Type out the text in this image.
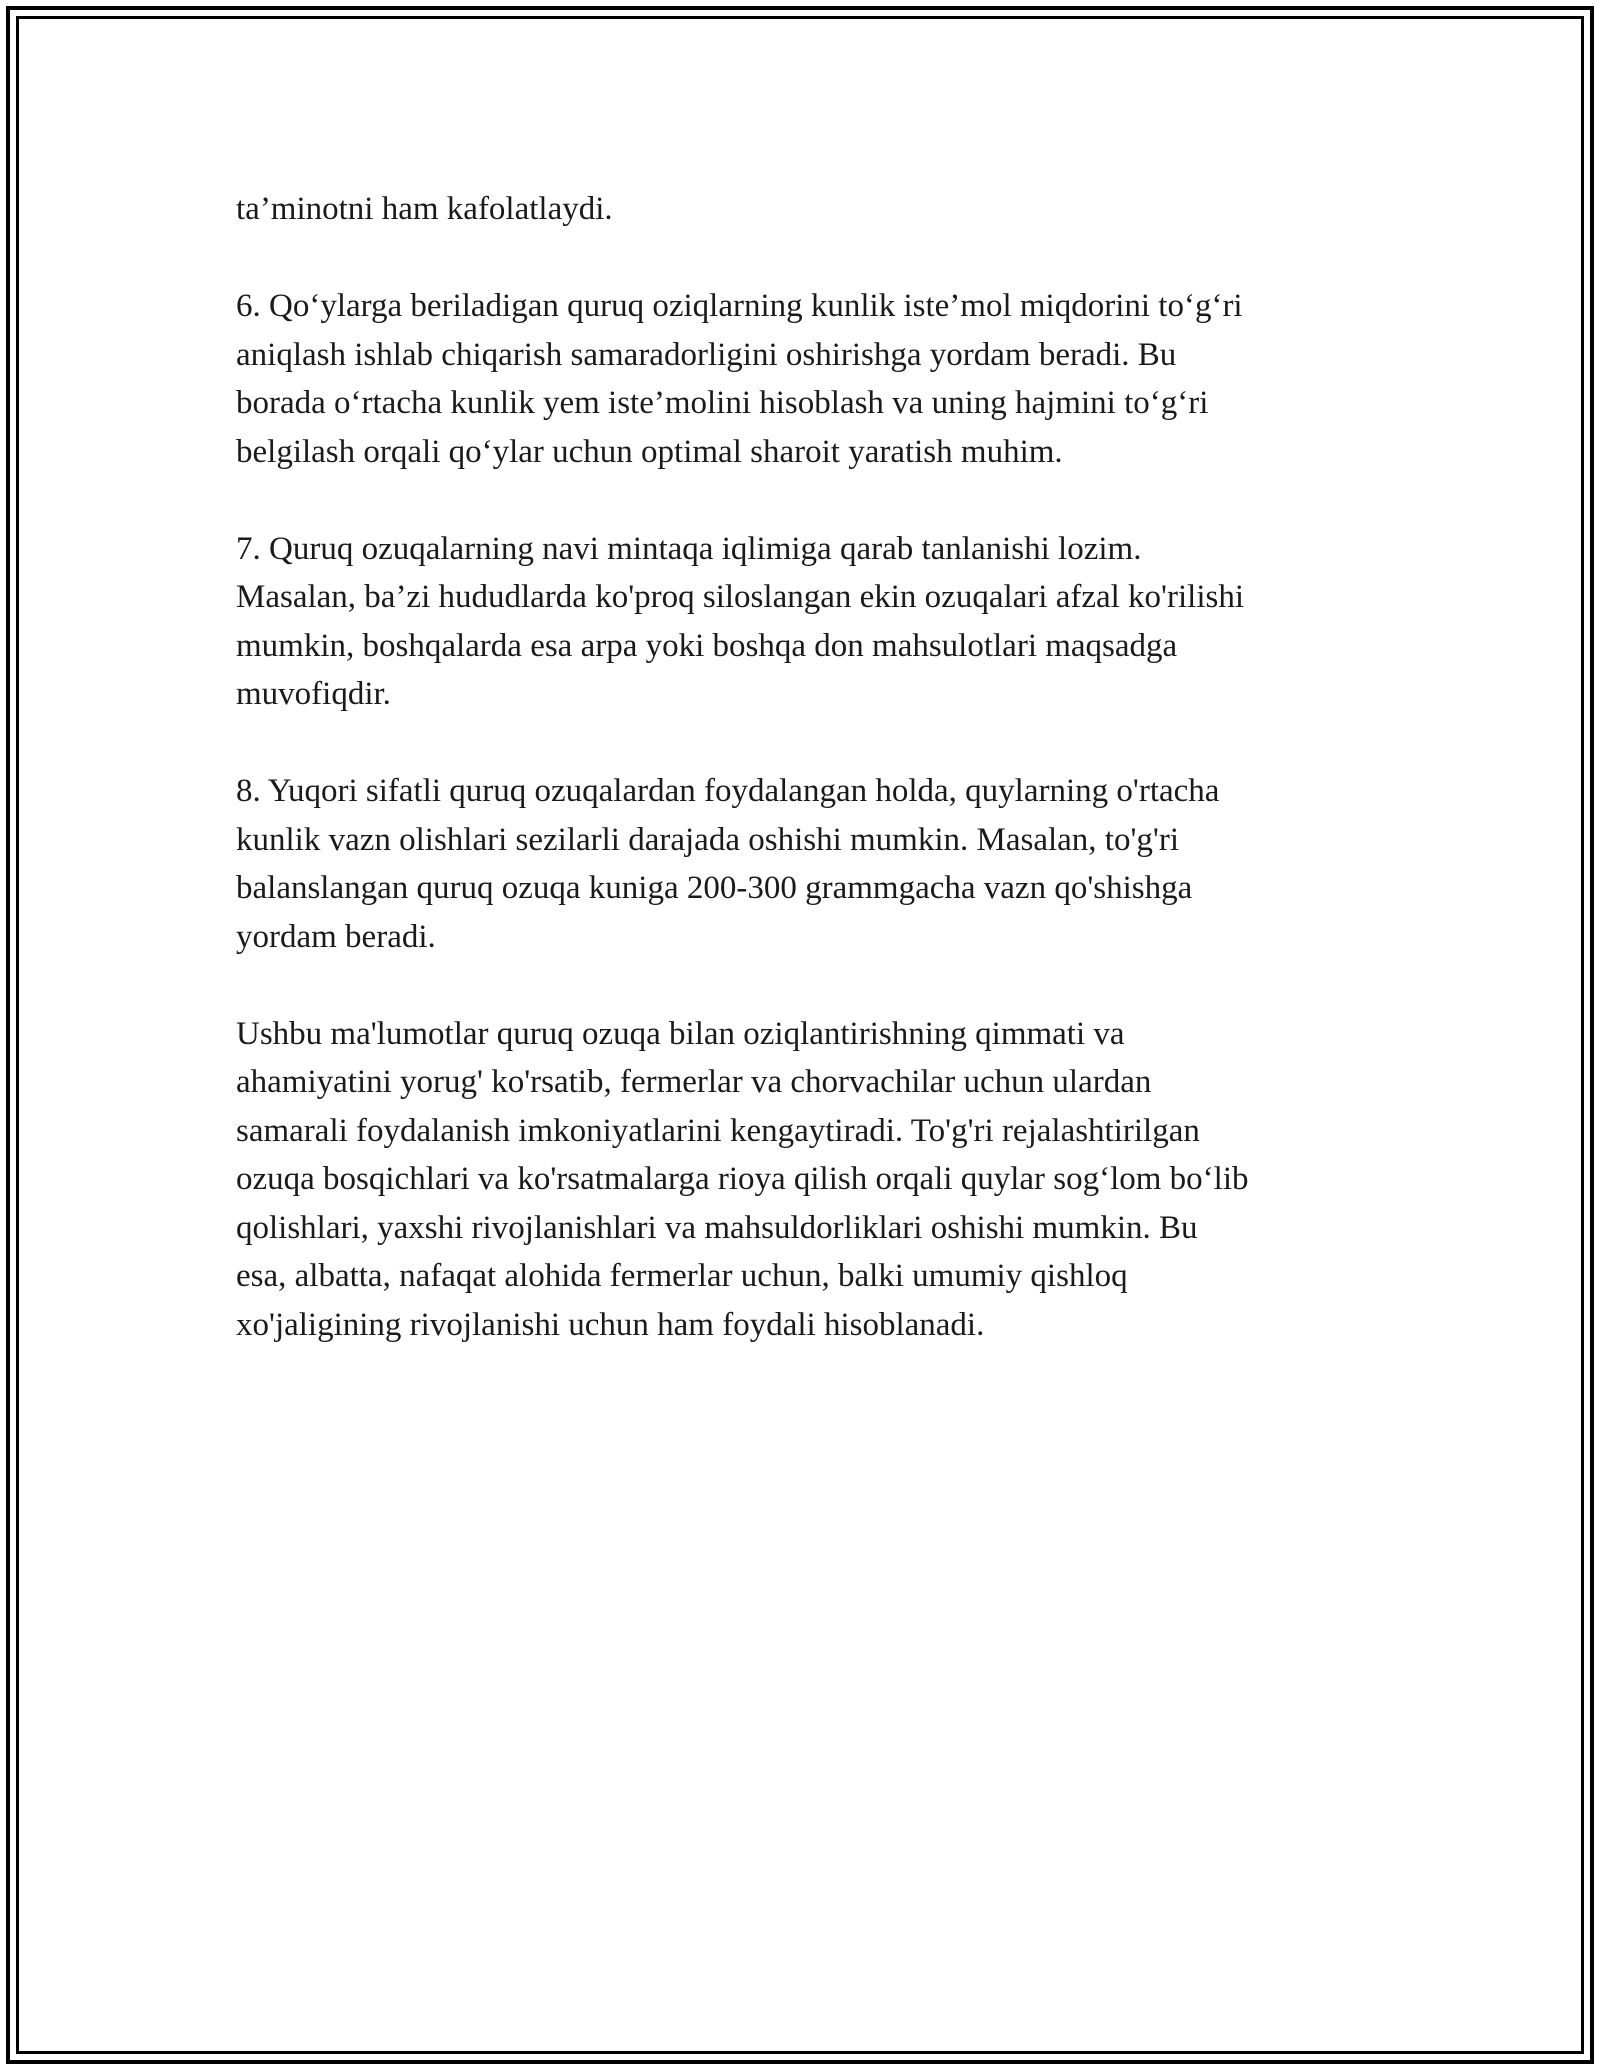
ta’minotni ham kafolatlaydi.

6. Qo‘ylarga beriladigan quruq oziqlarning kunlik iste’mol miqdorini to‘g‘ri
aniqlash ishlab chiqarish samaradorligini oshirishga yordam beradi. Bu
borada o‘rtacha kunlik yem iste’molini hisoblash va uning hajmini to‘g‘ri
belgilash orqali qo‘ylar uchun optimal sharoit yaratish muhim.

7. Quruq ozuqalarning navi mintaqa iqlimiga qarab tanlanishi lozim.
Masalan, ba’zi hududlarda ko'proq siloslangan ekin ozuqalari afzal ko'rilishi
mumkin, boshqalarda esa arpa yoki boshqa don mahsulotlari maqsadga
muvofiqdir.

8. Yuqori sifatli quruq ozuqalardan foydalangan holda, quylarning o'rtacha
kunlik vazn olishlari sezilarli darajada oshishi mumkin. Masalan, to'g'ri
balanslangan quruq ozuqa kuniga 200-300 grammgacha vazn qo'shishga
yordam beradi.

Ushbu ma'lumotlar quruq ozuqa bilan oziqlantirishning qimmati va
ahamiyatini yorug' ko'rsatib, fermerlar va chorvachilar uchun ulardan
samarali foydalanish imkoniyatlarini kengaytiradi. To'g'ri rejalashtirilgan
ozuqa bosqichlari va ko'rsatmalarga rioya qilish orqali quylar sog‘lom bo‘lib
qolishlari, yaxshi rivojlanishlari va mahsuldorliklari oshishi mumkin. Bu
esa, albatta, nafaqat alohida fermerlar uchun, balki umumiy qishloq
xo'jaligining rivojlanishi uchun ham foydali hisoblanadi.
